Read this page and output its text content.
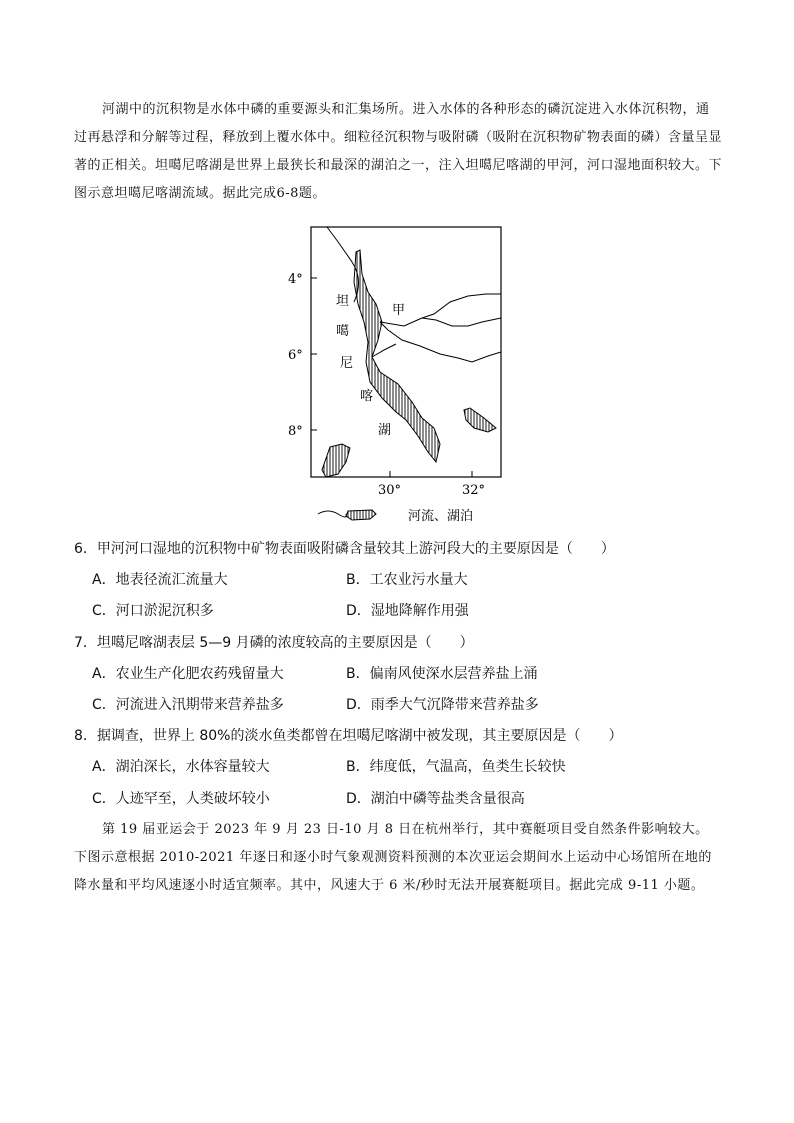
河湖中的沉积物是水体中磷的重要源头和汇集场所。进入水体的各种形态的磷沉淀进入水体沉积物，通过再悬浮和分解等过程，释放到上覆水体中。细粒径沉积物与吸附磷（吸附在沉积物矿物表面的磷）含量呈显著的正相关。坦噶尼喀湖是世界上最狭长和最深的湖泊之一，注入坦噶尼喀湖的甲河，河口湿地面积较大。下图示意坦噶尼喀湖流域。据此完成6-8题。

4°
6°
8°
30°	32°
甲
坦
噶
尼
喀
湖
河流、湖泊
6．甲河河口湿地的沉积物中矿物表面吸附磷含量较其上游河段大的主要原因是（　　）
A．地表径流汇流量大	B．工农业污水量大
C．河口淤泥沉积多	D．湿地降解作用强
7．坦噶尼喀湖表层 5—9 月磷的浓度较高的主要原因是（　　）
A．农业生产化肥农药残留量大	B．偏南风使深水层营养盐上涌
C．河流进入汛期带来营养盐多	D．雨季大气沉降带来营养盐多
8．据调查，世界上 80%的淡水鱼类都曾在坦噶尼喀湖中被发现，其主要原因是（　　）
A．湖泊深长，水体容量较大	B．纬度低，气温高，鱼类生长较快
C．人迹罕至，人类破坏较小	D．湖泊中磷等盐类含量很高

第 19 届亚运会于 2023 年 9 月 23 日-10 月 8 日在杭州举行，其中赛艇项目受自然条件影响较大。下图示意根据 2010-2021 年逐日和逐小时气象观测资料预测的本次亚运会期间水上运动中心场馆所在地的降水量和平均风速逐小时适宜频率。其中，风速大于 6 米/秒时无法开展赛艇项目。据此完成 9-11 小题。
